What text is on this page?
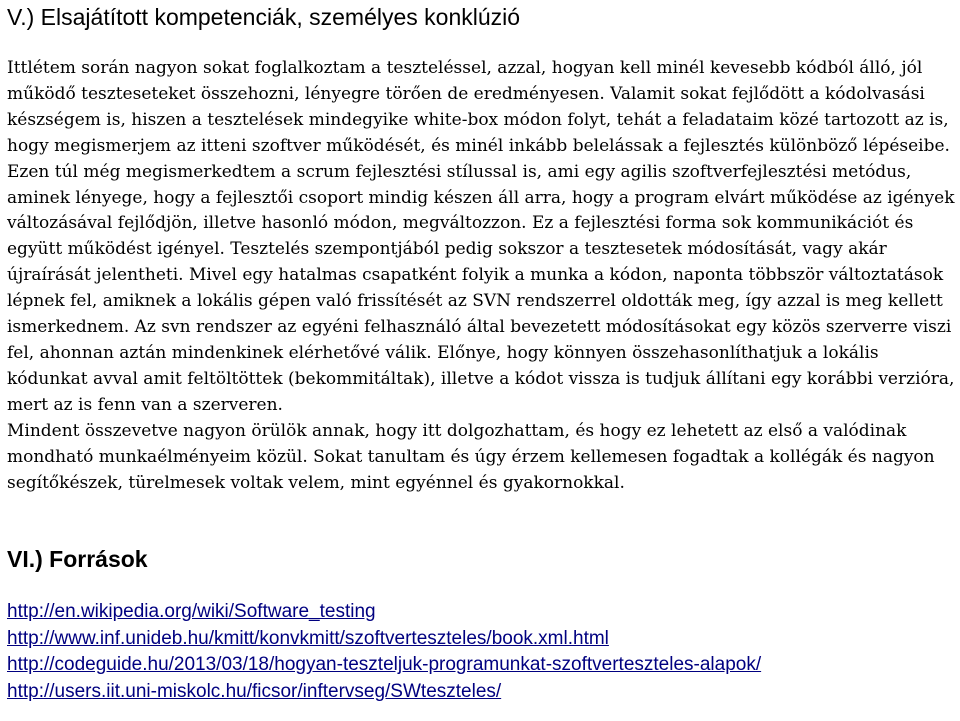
V.) Elsajátított kompetenciák, személyes konklúzió

Ittlétem során nagyon sokat foglalkoztam a teszteléssel, azzal, hogyan kell minél kevesebb kódból álló, jól működő teszteseteket összehozni, lényegre törően de eredményesen. Valamit sokat fejlődött a kódolvasási készségem is, hiszen a tesztelések mindegyike white-box módon folyt, tehát a feladataim közé tartozott az is, hogy megismerjem az itteni szoftver működését, és minél inkább belelássak a fejlesztés különböző lépéseibe. Ezen túl még megismerkedtem a scrum fejlesztési stílussal is, ami egy agilis szoftverfejlesztési metódus, aminek lényege, hogy a fejlesztői csoport mindig készen áll arra, hogy a program elvárt működése az igények változásával fejlődjön, illetve hasonló módon, megváltozzon. Ez a fejlesztési forma sok kommunikációt és együtt működést igényel. Tesztelés szempontjából pedig sokszor a tesztesetek módosítását, vagy akár újraírását jelentheti. Mivel egy hatalmas csapatként folyik a munka a kódon, naponta többször változtatások lépnek fel, amiknek a lokális gépen való frissítését az SVN rendszerrel oldották meg, így azzal is meg kellett ismerkednem. Az svn rendszer az egyéni felhasználó által bevezetett módosításokat egy közös szerverre viszi fel, ahonnan aztán mindenkinek elérhetővé válik. Előnye, hogy könnyen összehasonlíthatjuk a lokális kódunkat avval amit feltöltöttek (bekommitáltak), illetve a kódot vissza is tudjuk állítani egy korábbi verzióra, mert az is fenn van a szerveren.

Mindent összevetve nagyon örülök annak, hogy itt dolgozhattam, és hogy ez lehetett az első a valódinak mondható munkaélményeim közül. Sokat tanultam és úgy érzem kellemesen fogadtak a kollégák és nagyon segítőkészek, türelmesek voltak velem, mint egyénnel és gyakornokkal.

VI.) Források
http://en.wikipedia.org/wiki/Software_testing
http://www.inf.unideb.hu/kmitt/konvkmitt/szoftverteszteles/book.xml.html
http://codeguide.hu/2013/03/18/hogyan-teszteljuk-programunkat-szoftverteszteles-alapok/
http://users.iit.uni-miskolc.hu/ficsor/inftervseg/SWteszteles/
